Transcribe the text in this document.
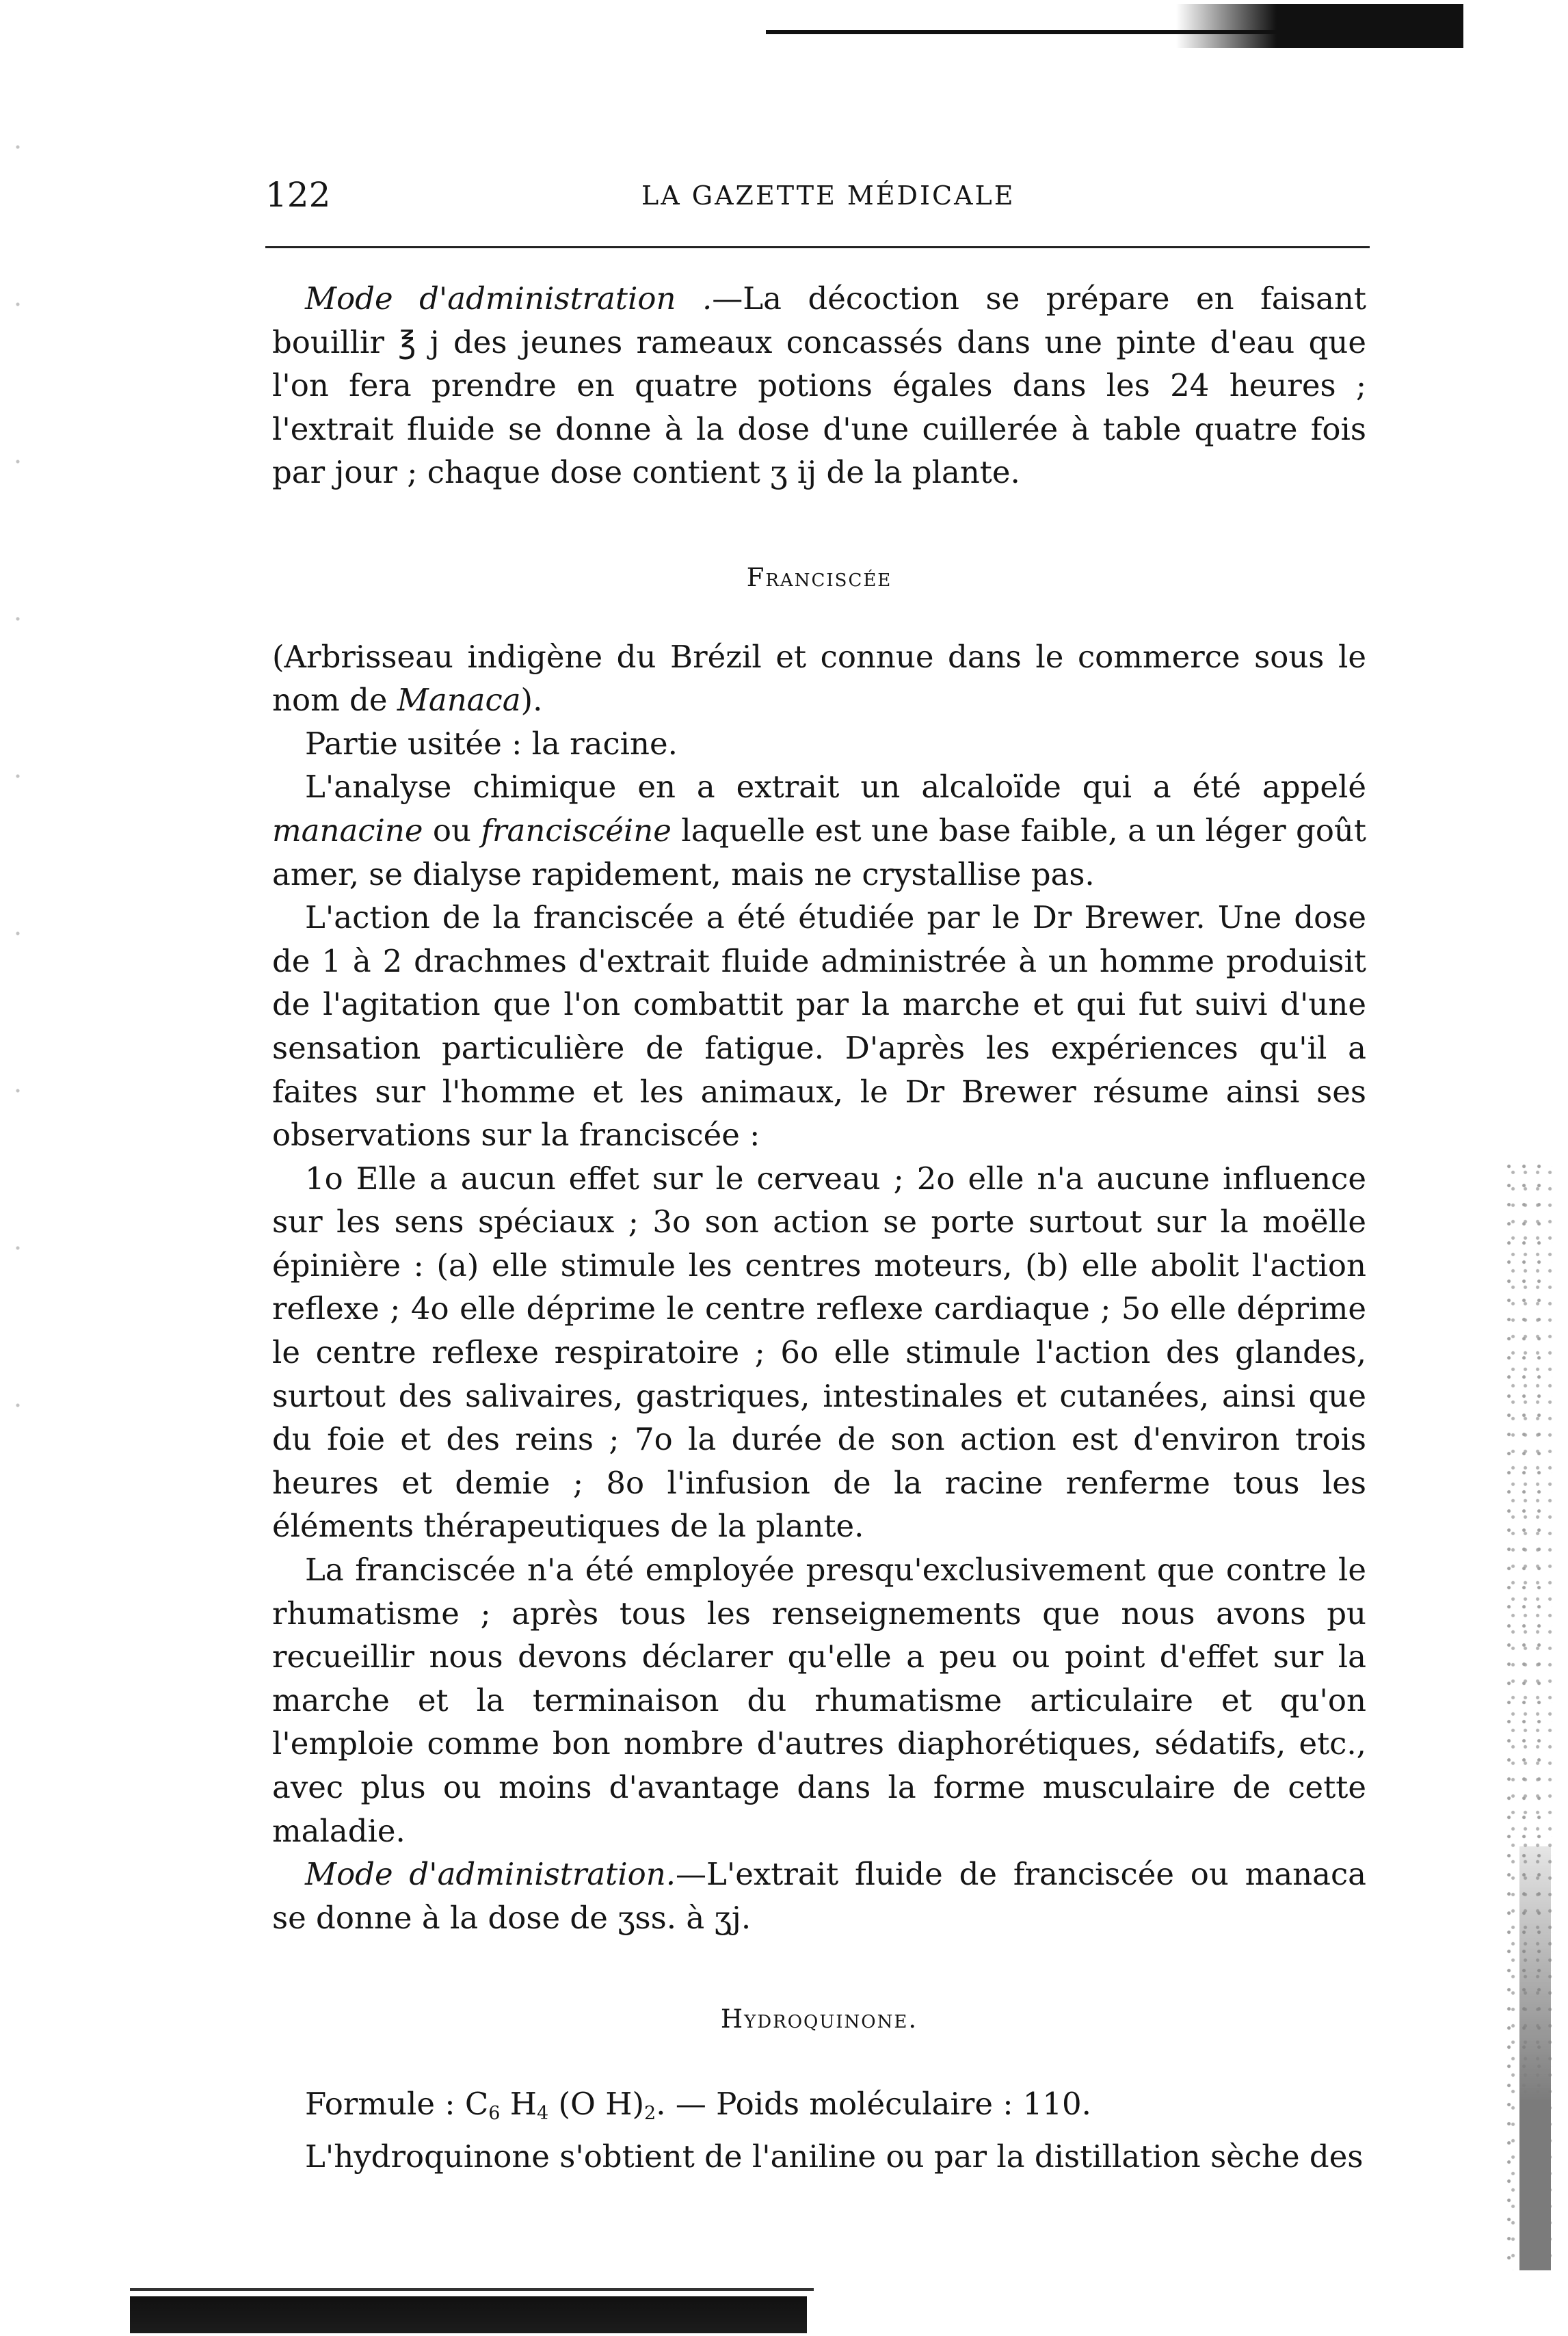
122	LA GAZETTE MÉDICALE

Mode d'administration .—La décoction se prépare en faisant bouillir ℥ j des jeunes rameaux concassés dans une pinte d'eau que l'on fera prendre en quatre potions égales dans les 24 heures ; l'extrait fluide se donne à la dose d'une cuillerée à table quatre fois par jour ; chaque dose contient ʒ ij de la plante.

Franciscée

(Arbrisseau indigène du Brézil et connue dans le commerce sous le nom de Manaca).

Partie usitée : la racine.

L'analyse chimique en a extrait un alcaloïde qui a été appelé manacine ou franciscéine laquelle est une base faible, a un léger goût amer, se dialyse rapidement, mais ne crystallise pas.

L'action de la franciscée a été étudiée par le Dr Brewer. Une dose de 1 à 2 drachmes d'extrait fluide administrée à un homme produisit de l'agitation que l'on combattit par la marche et qui fut suivi d'une sensation particulière de fatigue. D'après les expériences qu'il a faites sur l'homme et les animaux, le Dr Brewer résume ainsi ses observations sur la franciscée :

1o Elle a aucun effet sur le cerveau ; 2o elle n'a aucune influence sur les sens spéciaux ; 3o son action se porte surtout sur la moëlle épinière : (a) elle stimule les centres moteurs, (b) elle abolit l'action reflexe ; 4o elle déprime le centre reflexe cardiaque ; 5o elle déprime le centre reflexe respiratoire ; 6o elle stimule l'action des glandes, surtout des salivaires, gastriques, intestinales et cutanées, ainsi que du foie et des reins ; 7o la durée de son action est d'environ trois heures et demie ; 8o l'infusion de la racine renferme tous les éléments thérapeutiques de la plante.

La franciscée n'a été employée presqu'exclusivement que contre le rhumatisme ; après tous les renseignements que nous avons pu recueillir nous devons déclarer qu'elle a peu ou point d'effet sur la marche et la terminaison du rhumatisme articulaire et qu'on l'emploie comme bon nombre d'autres diaphorétiques, sédatifs, etc., avec plus ou moins d'avantage dans la forme musculaire de cette maladie.

Mode d'administration.—L'extrait fluide de franciscée ou manaca se donne à la dose de ʒss. à ʒj.

Hydroquinone.

Formule : $C_6$ $H_4$ (O $H)_2$. — Poids moléculaire : 110.

L'hydroquinone s'obtient de l'aniline ou par la distillation sèche des
